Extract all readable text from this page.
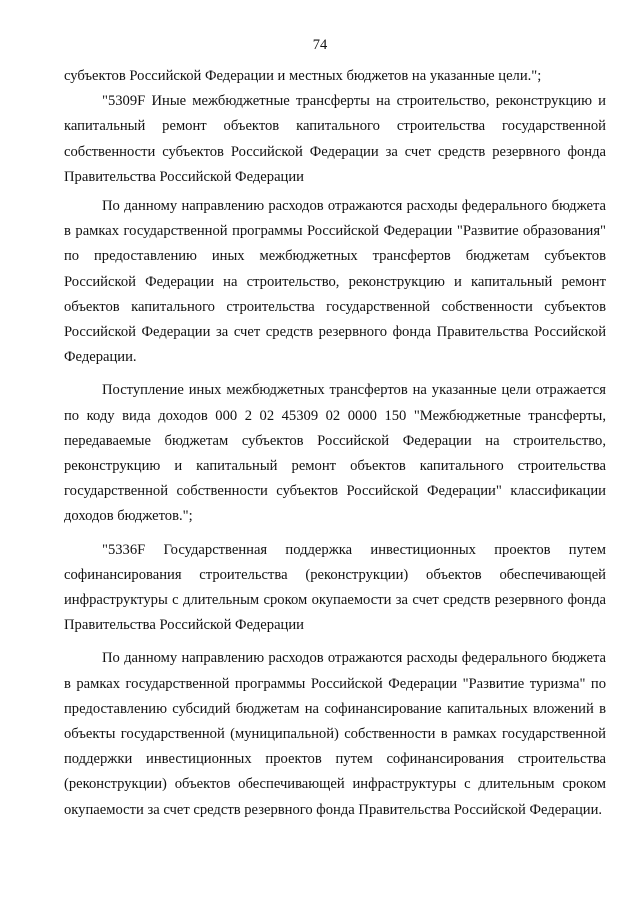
74

субъектов Российской Федерации и местных бюджетов на указанные цели.";

"5309F Иные межбюджетные трансферты на строительство, реконструкцию и капитальный ремонт объектов капитального строительства государственной собственности субъектов Российской Федерации за счет средств резервного фонда Правительства Российской Федерации

По данному направлению расходов отражаются расходы федерального бюджета в рамках государственной программы Российской Федерации "Развитие образования" по предоставлению иных межбюджетных трансфертов бюджетам субъектов Российской Федерации на строительство, реконструкцию и капитальный ремонт объектов капитального строительства государственной собственности субъектов Российской Федерации за счет средств резервного фонда Правительства Российской Федерации.

Поступление иных межбюджетных трансфертов на указанные цели отражается по коду вида доходов 000 2 02 45309 02 0000 150 "Межбюджетные трансферты, передаваемые бюджетам субъектов Российской Федерации на строительство, реконструкцию и капитальный ремонт объектов капитального строительства государственной собственности субъектов Российской Федерации" классификации доходов бюджетов.";

"5336F Государственная поддержка инвестиционных проектов путем софинансирования строительства (реконструкции) объектов обеспечивающей инфраструктуры с длительным сроком окупаемости за счет средств резервного фонда Правительства Российской Федерации

По данному направлению расходов отражаются расходы федерального бюджета в рамках государственной программы Российской Федерации "Развитие туризма" по предоставлению субсидий бюджетам на софинансирование капитальных вложений в объекты государственной (муниципальной) собственности в рамках государственной поддержки инвестиционных проектов путем софинансирования строительства (реконструкции) объектов обеспечивающей инфраструктуры с длительным сроком окупаемости за счет средств резервного фонда Правительства Российской Федерации.
